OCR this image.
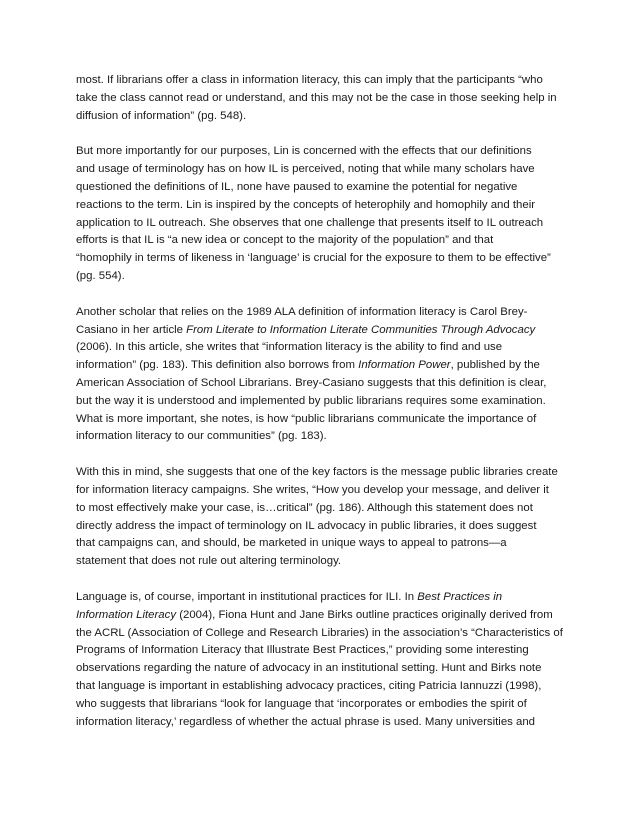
most. If librarians offer a class in information literacy, this can imply that the participants “who
take the class cannot read or understand, and this may not be the case in those seeking help in
diffusion of information” (pg. 548).

But more importantly for our purposes, Lin is concerned with the effects that our definitions
and usage of terminology has on how IL is perceived, noting that while many scholars have
questioned the definitions of IL, none have paused to examine the potential for negative
reactions to the term. Lin is inspired by the concepts of heterophily and homophily and their
application to IL outreach. She observes that one challenge that presents itself to IL outreach
efforts is that IL is “a new idea or concept to the majority of the population” and that
“homophily in terms of likeness in ‘language’ is crucial for the exposure to them to be effective”
(pg. 554).

Another scholar that relies on the 1989 ALA definition of information literacy is Carol Brey-
Casiano in her article From Literate to Information Literate Communities Through Advocacy
(2006). In this article, she writes that “information literacy is the ability to find and use
information” (pg. 183). This definition also borrows from Information Power, published by the
American Association of School Librarians. Brey-Casiano suggests that this definition is clear,
but the way it is understood and implemented by public librarians requires some examination.
What is more important, she notes, is how “public librarians communicate the importance of
information literacy to our communities” (pg. 183).

With this in mind, she suggests that one of the key factors is the message public libraries create
for information literacy campaigns. She writes, “How you develop your message, and deliver it
to most effectively make your case, is…critical” (pg. 186). Although this statement does not
directly address the impact of terminology on IL advocacy in public libraries, it does suggest
that campaigns can, and should, be marketed in unique ways to appeal to patrons—a
statement that does not rule out altering terminology.

Language is, of course, important in institutional practices for ILI. In Best Practices in
Information Literacy (2004), Fiona Hunt and Jane Birks outline practices originally derived from
the ACRL (Association of College and Research Libraries) in the association’s “Characteristics of
Programs of Information Literacy that Illustrate Best Practices,” providing some interesting
observations regarding the nature of advocacy in an institutional setting. Hunt and Birks note
that language is important in establishing advocacy practices, citing Patricia Iannuzzi (1998),
who suggests that librarians “look for language that ‘incorporates or embodies the spirit of
information literacy,’ regardless of whether the actual phrase is used. Many universities and
